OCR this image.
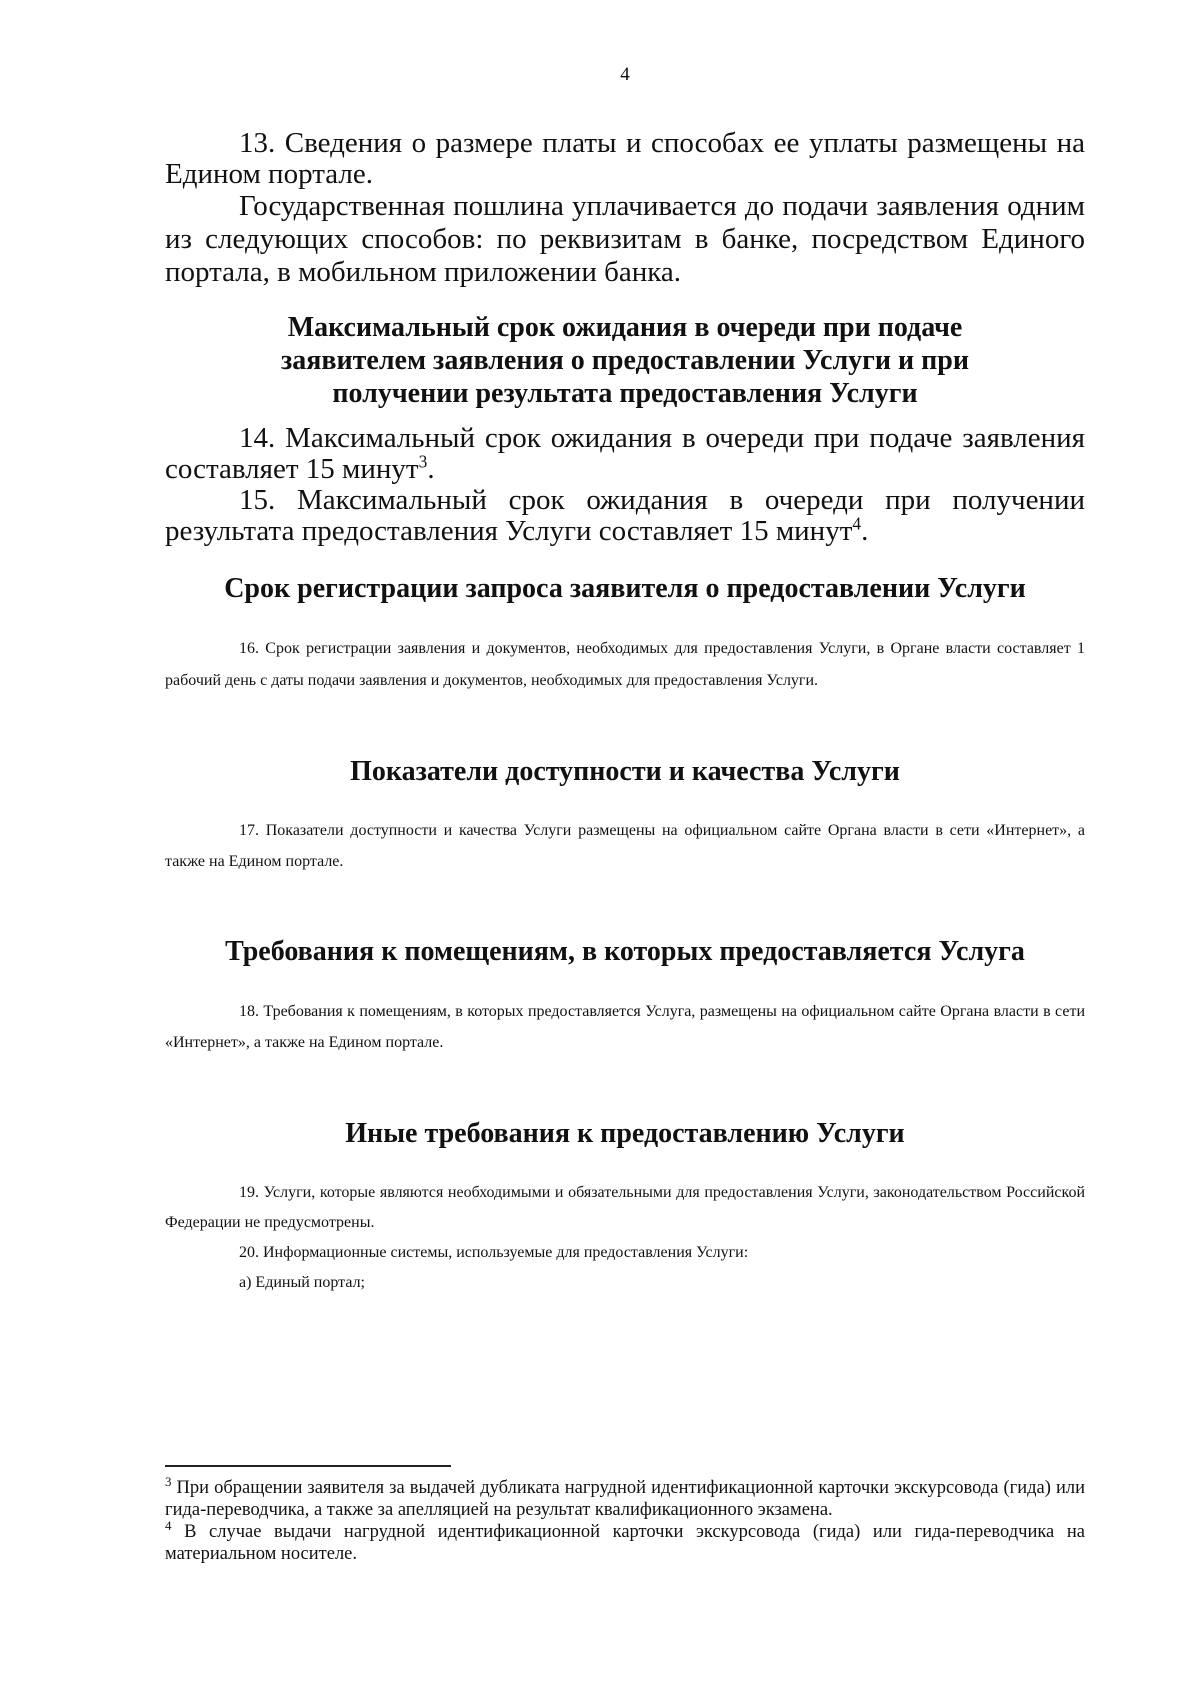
4

13. Сведения о размере платы и способах ее уплаты размещены на Едином портале.

Государственная пошлина уплачивается до подачи заявления одним из следующих способов: по реквизитам в банке, посредством Единого портала, в мобильном приложении банка.

Максимальный срок ожидания в очереди при подаче заявителем заявления о предоставлении Услуги и при получении результата предоставления Услуги

14. Максимальный срок ожидания в очереди при подаче заявления составляет 15 минут$^3$.

15. Максимальный срок ожидания в очереди при получении результата предоставления Услуги составляет 15 минут$^4$.

Срок регистрации запроса заявителя о предоставлении Услуги

16. Срок регистрации заявления и документов, необходимых для предоставления Услуги, в Органе власти составляет 1 рабочий день с даты подачи заявления и документов, необходимых для предоставления Услуги.

Показатели доступности и качества Услуги

17. Показатели доступности и качества Услуги размещены на официальном сайте Органа власти в сети «Интернет», а также на Едином портале.

Требования к помещениям, в которых предоставляется Услуга

18. Требования к помещениям, в которых предоставляется Услуга, размещены на официальном сайте Органа власти в сети «Интернет», а также на Едином портале.

Иные требования к предоставлению Услуги

19. Услуги, которые являются необходимыми и обязательными для предоставления Услуги, законодательством Российской Федерации не предусмотрены.

20. Информационные системы, используемые для предоставления Услуги:

а) Единый портал;

$^3$ При обращении заявителя за выдачей дубликата нагрудной идентификационной карточки экскурсовода (гида) или гида-переводчика, а также за апелляцией на результат квалификационного экзамена.

$^4$ В случае выдачи нагрудной идентификационной карточки экскурсовода (гида) или гида-переводчика на материальном носителе.
